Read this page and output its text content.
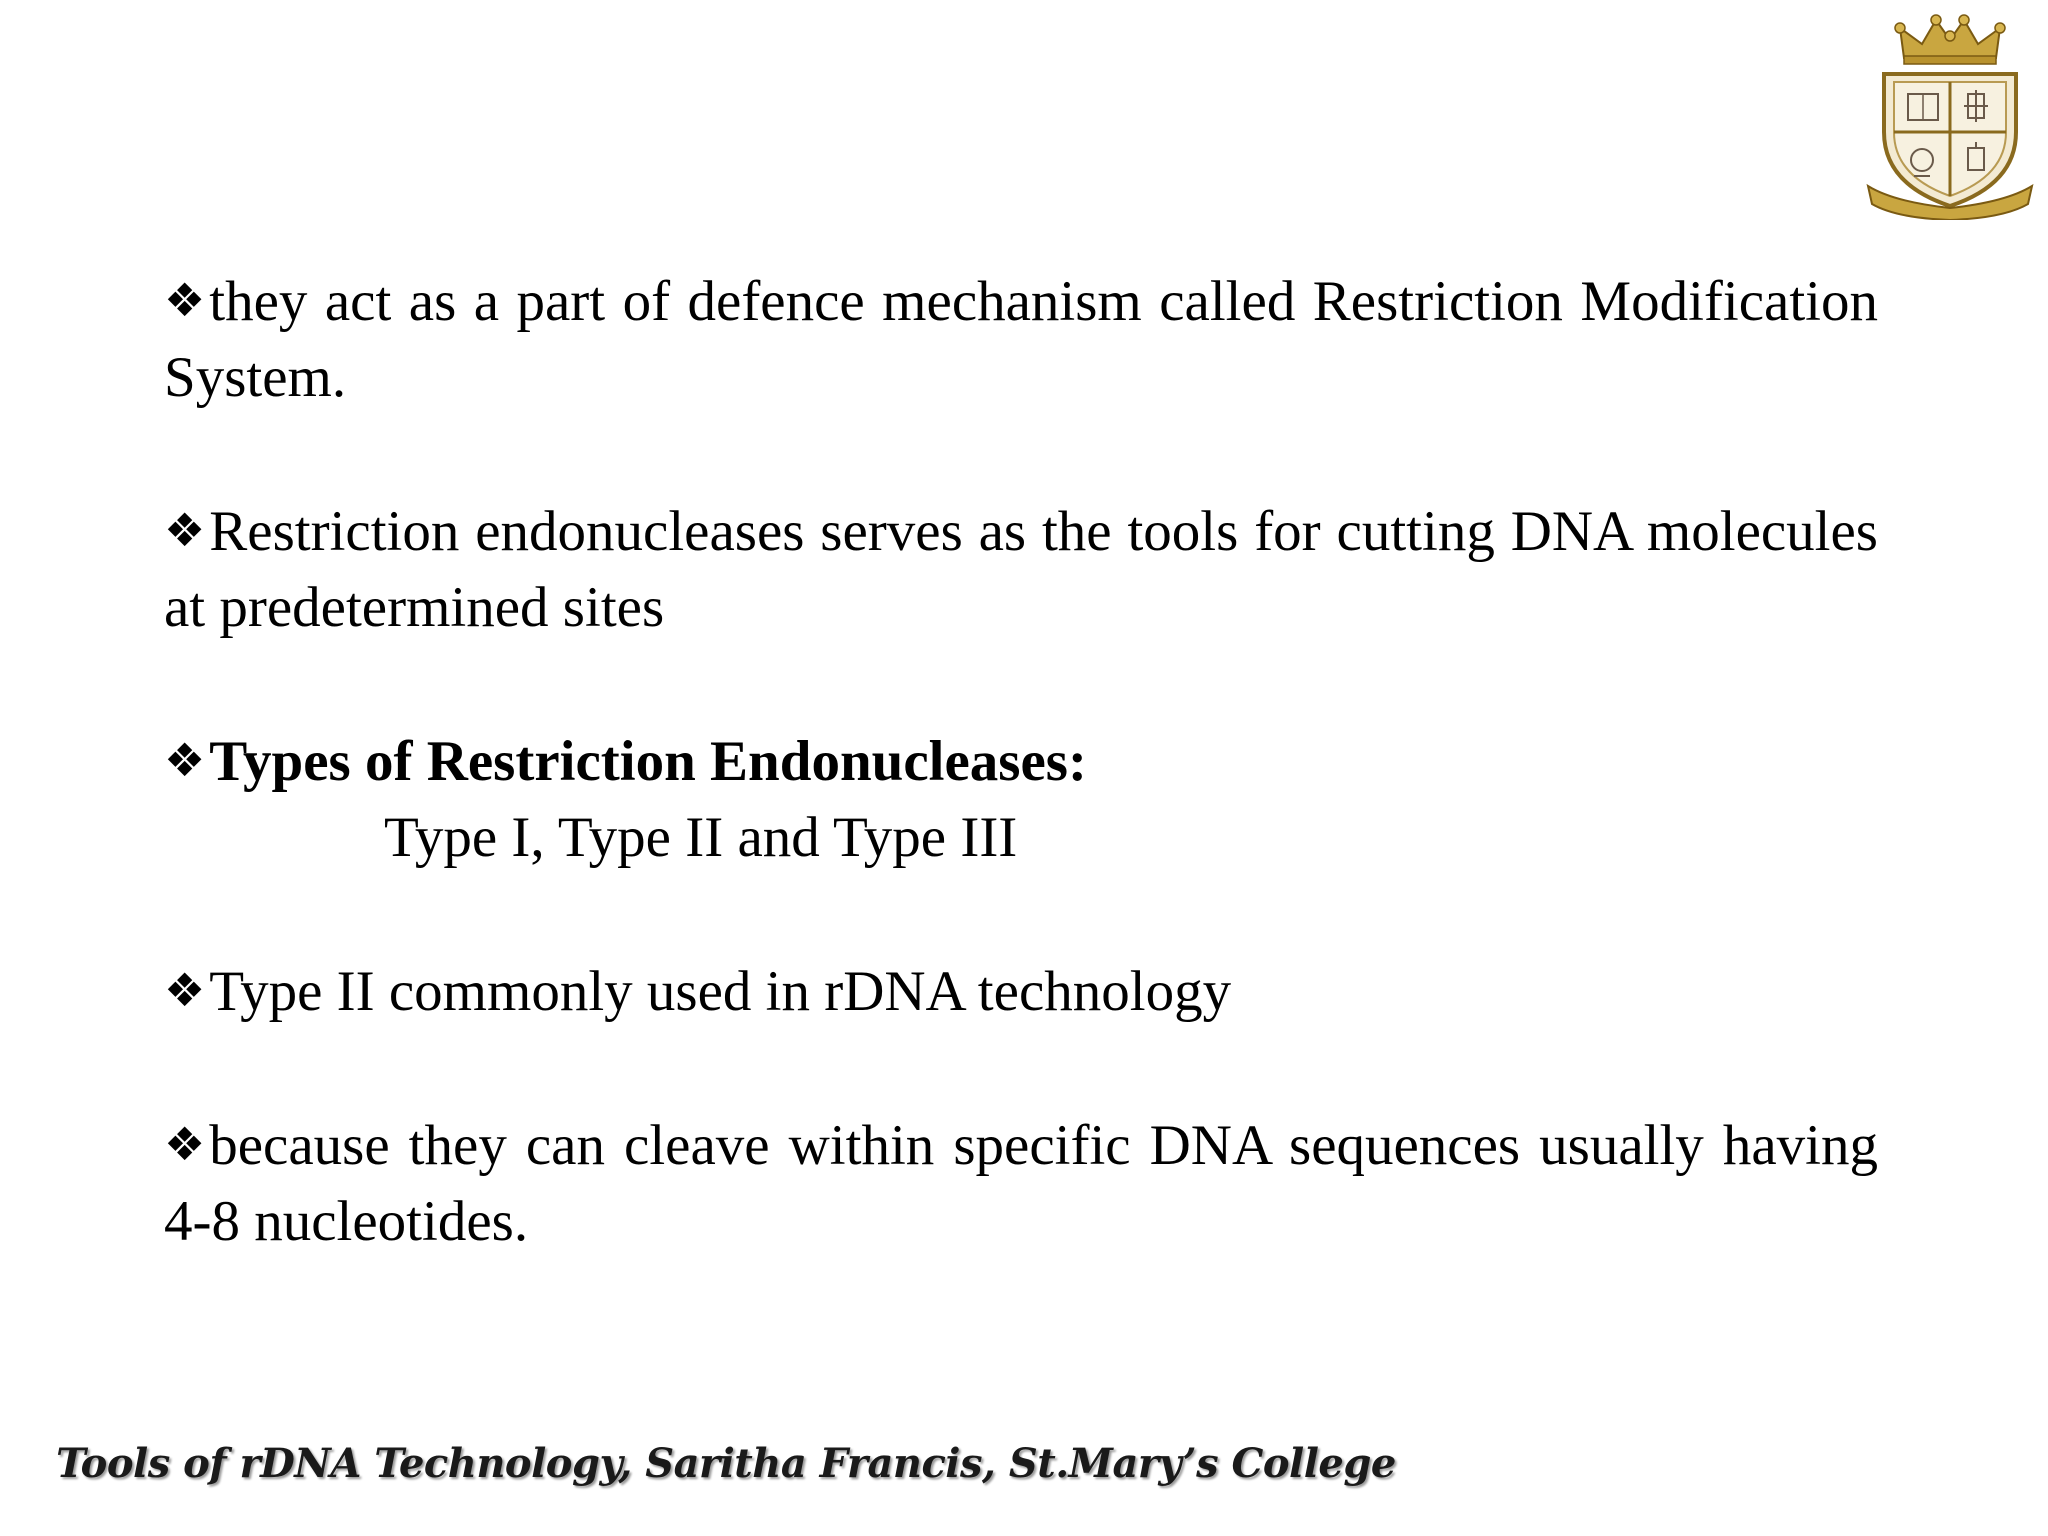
❖they act as a part of defence mechanism called Restriction Modification System.
❖Restriction endonucleases serves as the tools for cutting DNA molecules at predetermined sites
❖Types of Restriction Endonucleases:
Type I, Type II and Type III
❖Type II commonly used in rDNA technology
❖because they can cleave within specific DNA sequences usually having 4-8 nucleotides.
Tools of rDNA Technology, Saritha Francis, St.Mary’s College
